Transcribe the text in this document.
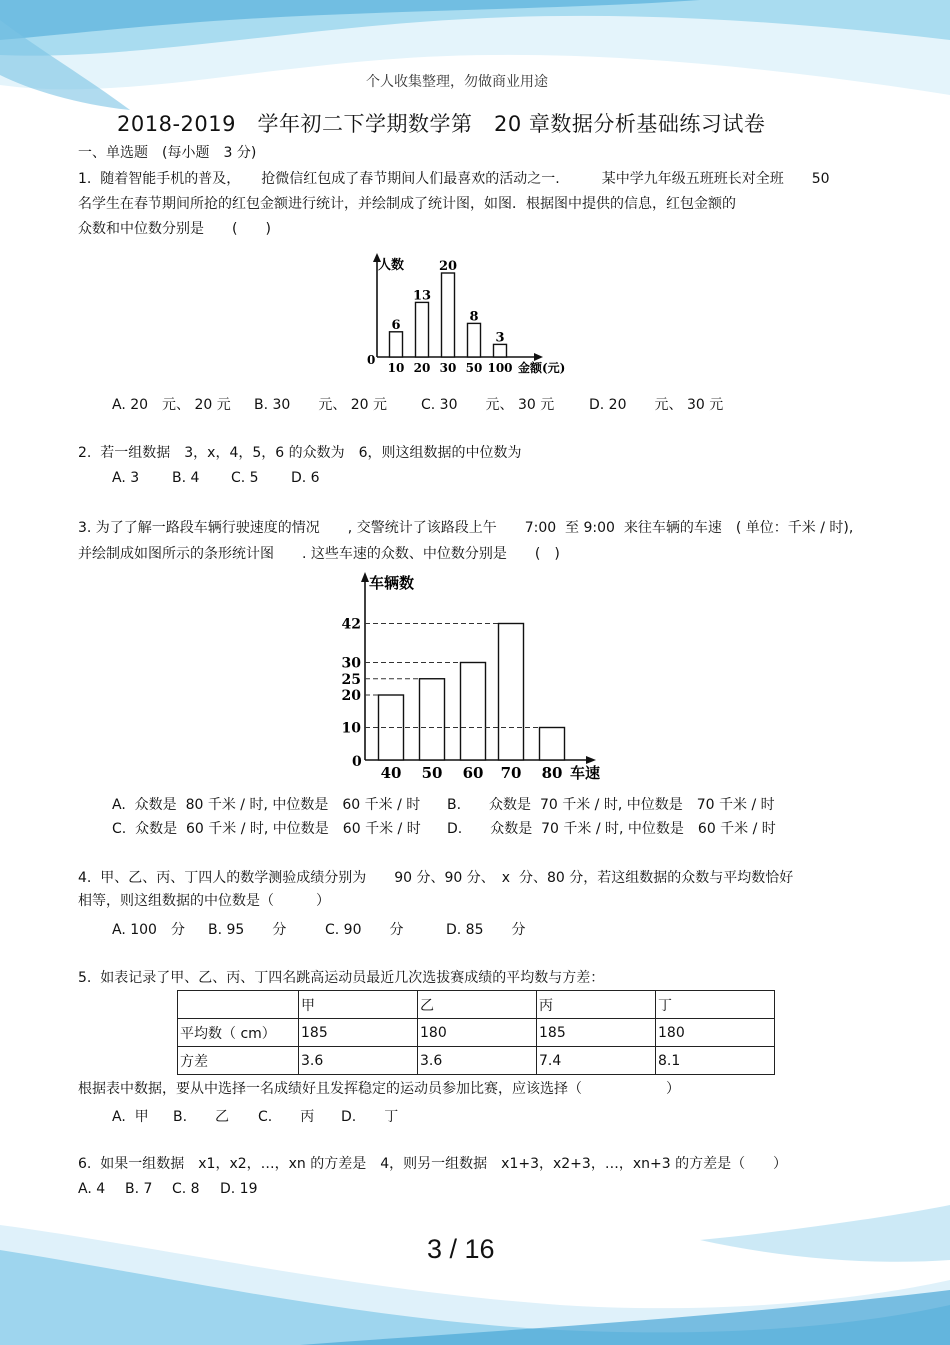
个人收集整理，勿做商业用途
2018-2019　学年初二下学期数学第　20 章数据分析基础练习试卷
一、单选题　(每小题　3 分)
1.  随着智能手机的普及，　　抢微信红包成了春节期间人们最喜欢的活动之一.　　　某中学九年级五班班长对全班　　50
名学生在春节期间所抢的红包金额进行统计，并绘制成了统计图，如图．根据图中提供的信息，红包金额的
众数和中位数分别是　　(　　)
人数
0
金额(元)
6
10
13
20
20
30
8
50
3
100
A. 20　元、 20 元 B. 30　　元、 20 元 C. 30　　元、 30 元 D. 20　　元、 30 元
2.  若一组数据　3，x，4，5，6 的众数为　6，则这组数据的中位数为
A. 3 B. 4 C. 5 D. 6
3. 为了了解一路段车辆行驶速度的情况　　, 交警统计了该路段上午　　7:00  至 9:00  来往车辆的车速　( 单位：千米 / 时),
并绘制成如图所示的条形统计图　　. 这些车速的众数、中位数分别是　　(　)
车辆数
0
车速
42
30
25
20
10
40 50 60 70 80
A.  众数是  80 千米 / 时, 中位数是　60 千米 / 时 B.　　众数是  70 千米 / 时, 中位数是　70 千米 / 时
C.  众数是  60 千米 / 时, 中位数是　60 千米 / 时 D.　　众数是  70 千米 / 时, 中位数是　60 千米 / 时
4.  甲、乙、丙、丁四人的数学测验成绩分别为　　90 分、90 分、　x  分、80 分，若这组数据的众数与平均数恰好
相等，则这组数据的中位数是（　　　）
A. 100　分 B. 95　　分	C. 90　　分	D. 85　　分
5.  如表记录了甲、乙、丙、丁四名跳高运动员最近几次选拔赛成绩的平均数与方差：
	甲	乙	丙	丁
平均数（ cm）	185	180	185	180
方差	3.6	3.6	7.4	8.1
根据表中数据，要从中选择一名成绩好且发挥稳定的运动员参加比赛，应该选择（　　　　　　）
A.  甲 B.　　乙 C.　　丙 D.　　丁
6.  如果一组数据　x1，x2，…，xn 的方差是　4，则另一组数据　x1+3，x2+3，…，xn+3 的方差是（　　）
A. 4 B. 7 C. 8 D. 19
3 / 16
